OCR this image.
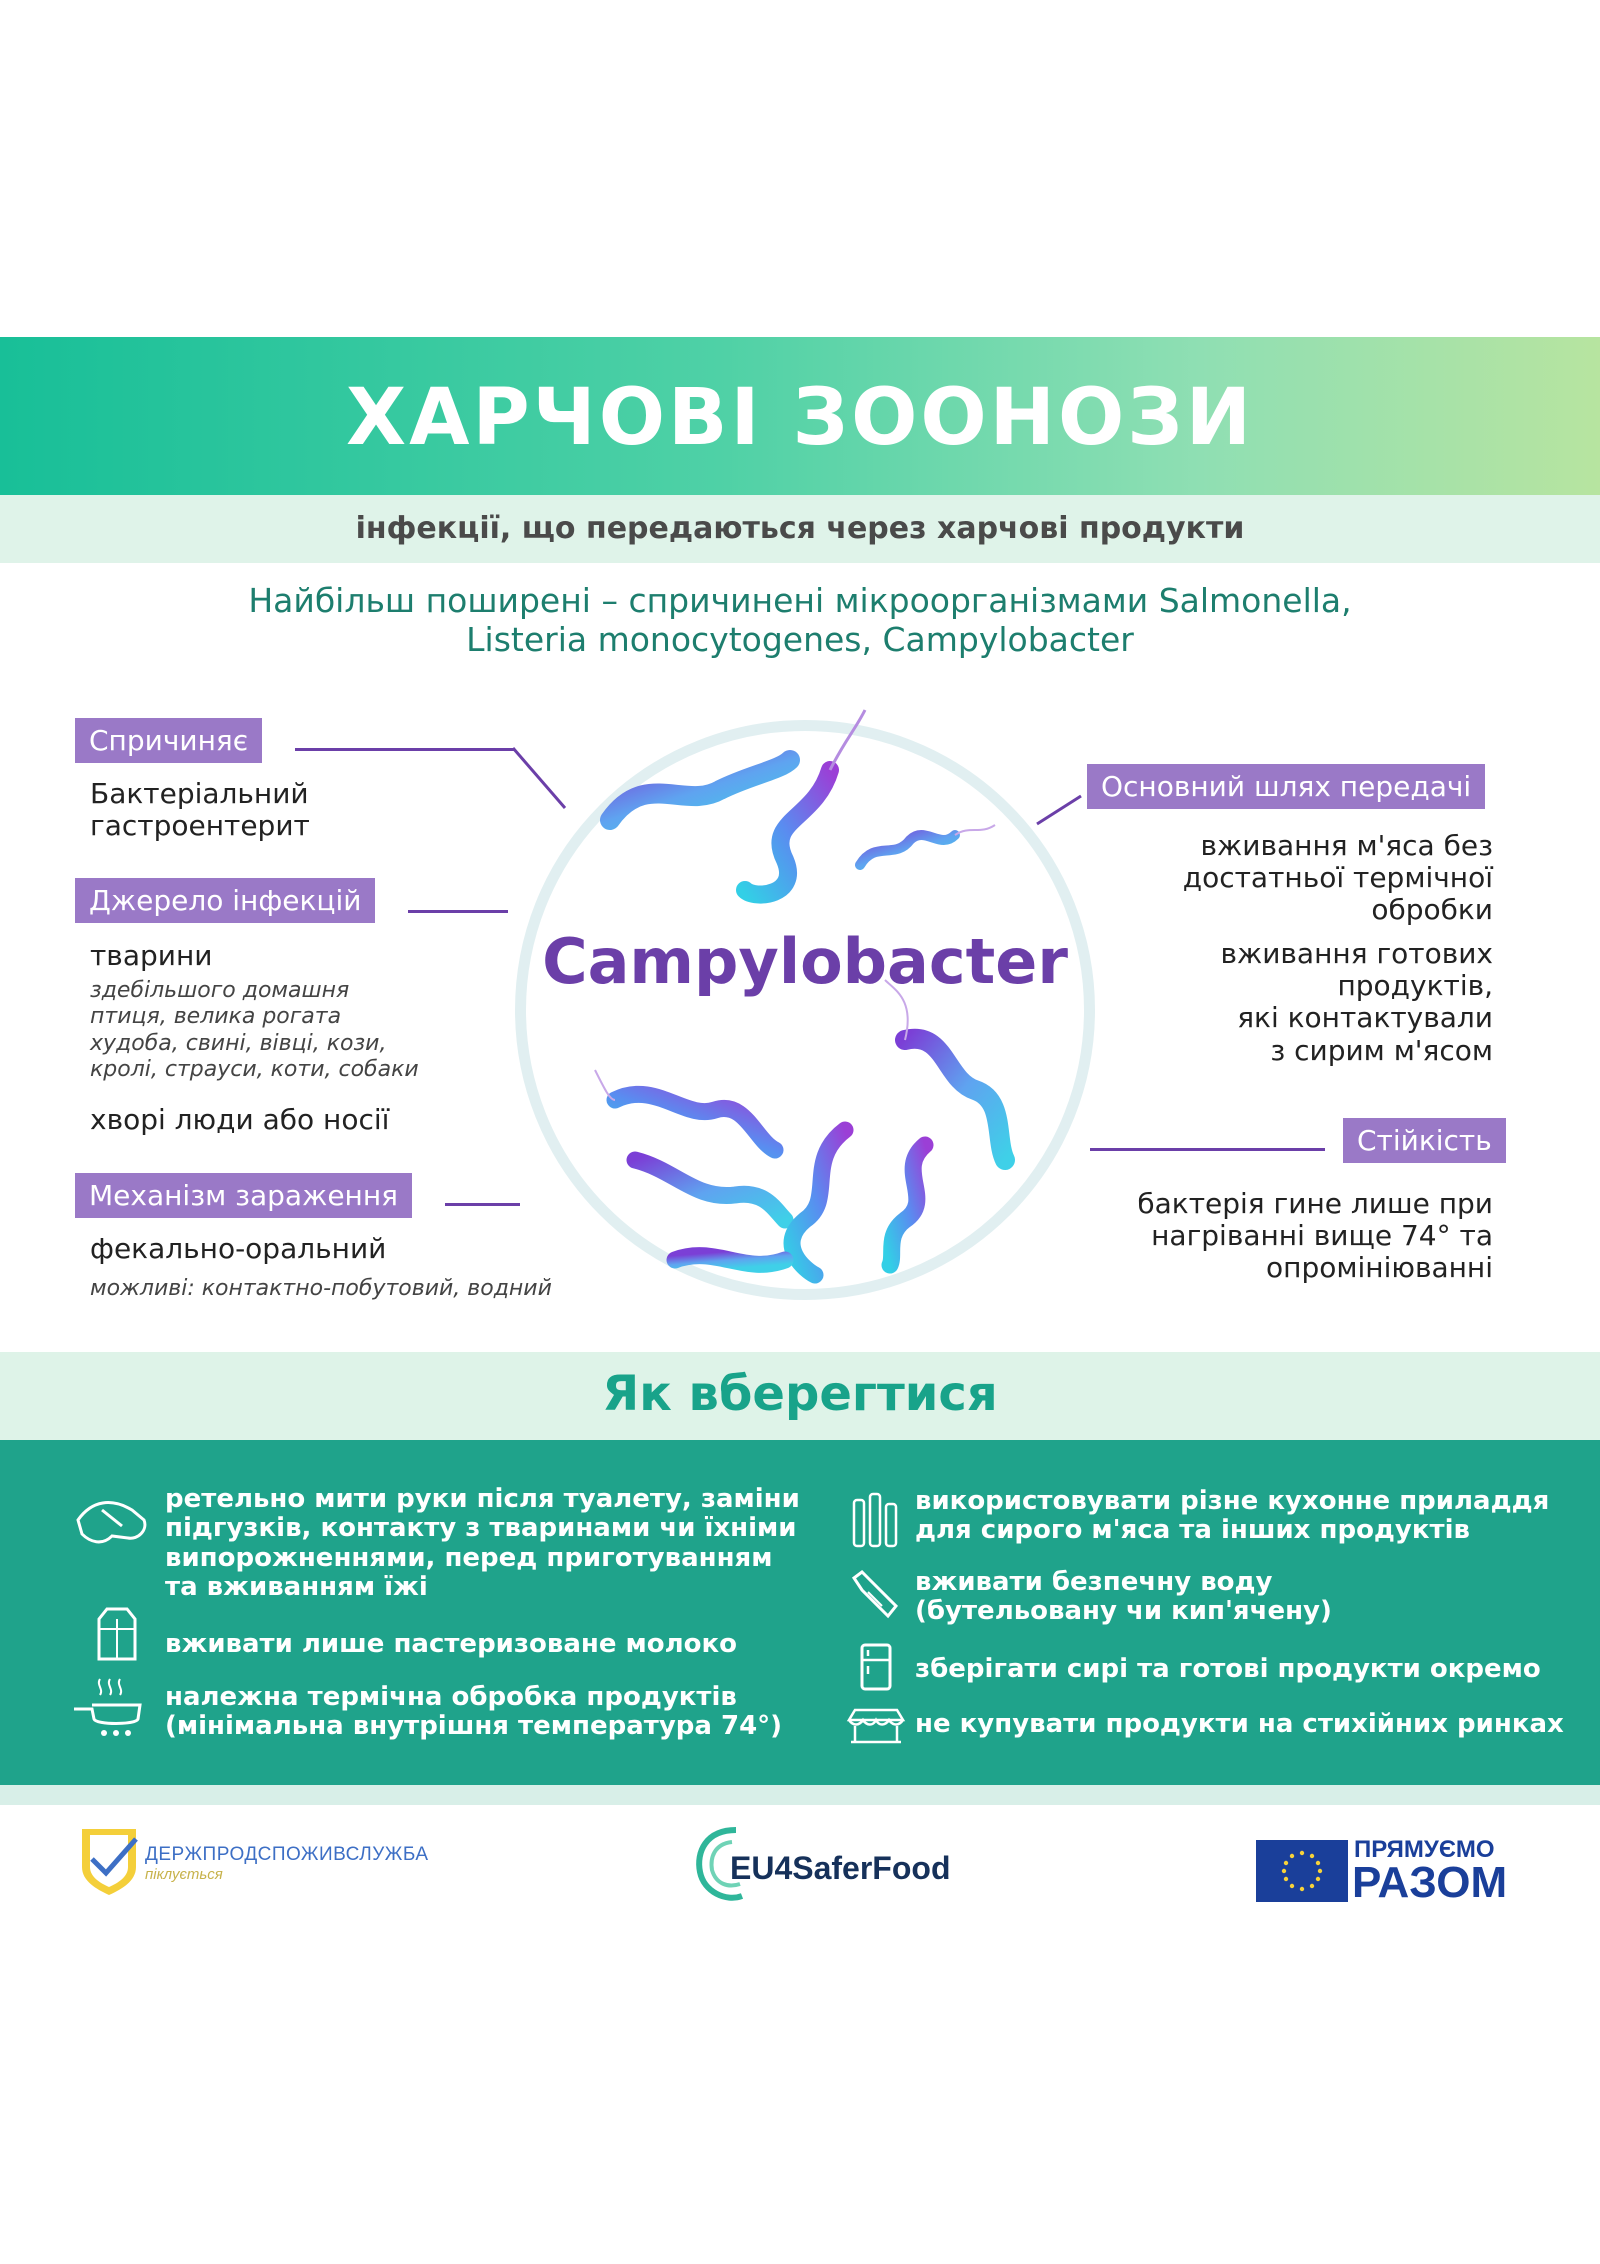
ХАРЧОВІ ЗООНОЗИ
інфекції, що передаються через харчові продукти
Найбільш поширені – спричинені мікроорганізмами Salmonella,
Listeria monocytogenes, Campylobacter
Campylobacter
Спричиняє
Бактеріальний
гастроентерит
Джерело інфекцій
тварини
здебільшого домашня
птиця, велика рогата
худоба, свині, вівці, кози,
кролі, страуси, коти, собаки
хворі люди або носії
Механізм зараження
фекально-оральний
можливі: контактно-побутовий, водний
Основний шлях передачі
вживання м'яса без
достатньої термічної
обробки
вживання готових
продуктів,
які контактували
з сирим м'ясом
Стійкість
бактерія гине лише при
нагріванні вище 74° та
опромініюванні
Як вберегтися
ретельно мити руки після туалету, заміни
підгузків, контакту з тваринами чи їхніми
випорожненнями, перед приготуванням
та вживанням їжі
вживати лише пастеризоване молоко
належна термічна обробка продуктів
(мінімальна внутрішня температура 74°)
використовувати різне кухонне приладдя
для сирого м'яса та інших продуктів
вживати безпечну воду
(бутельовану чи кип'ячену)
зберігати сирі та готові продукти окремо
не купувати продукти на стихійних ринках
ДЕРЖПРОДСПОЖИВСЛУЖБА
піклується	EU4SaferFood
ПРЯМУЄМО
РАЗОМ
